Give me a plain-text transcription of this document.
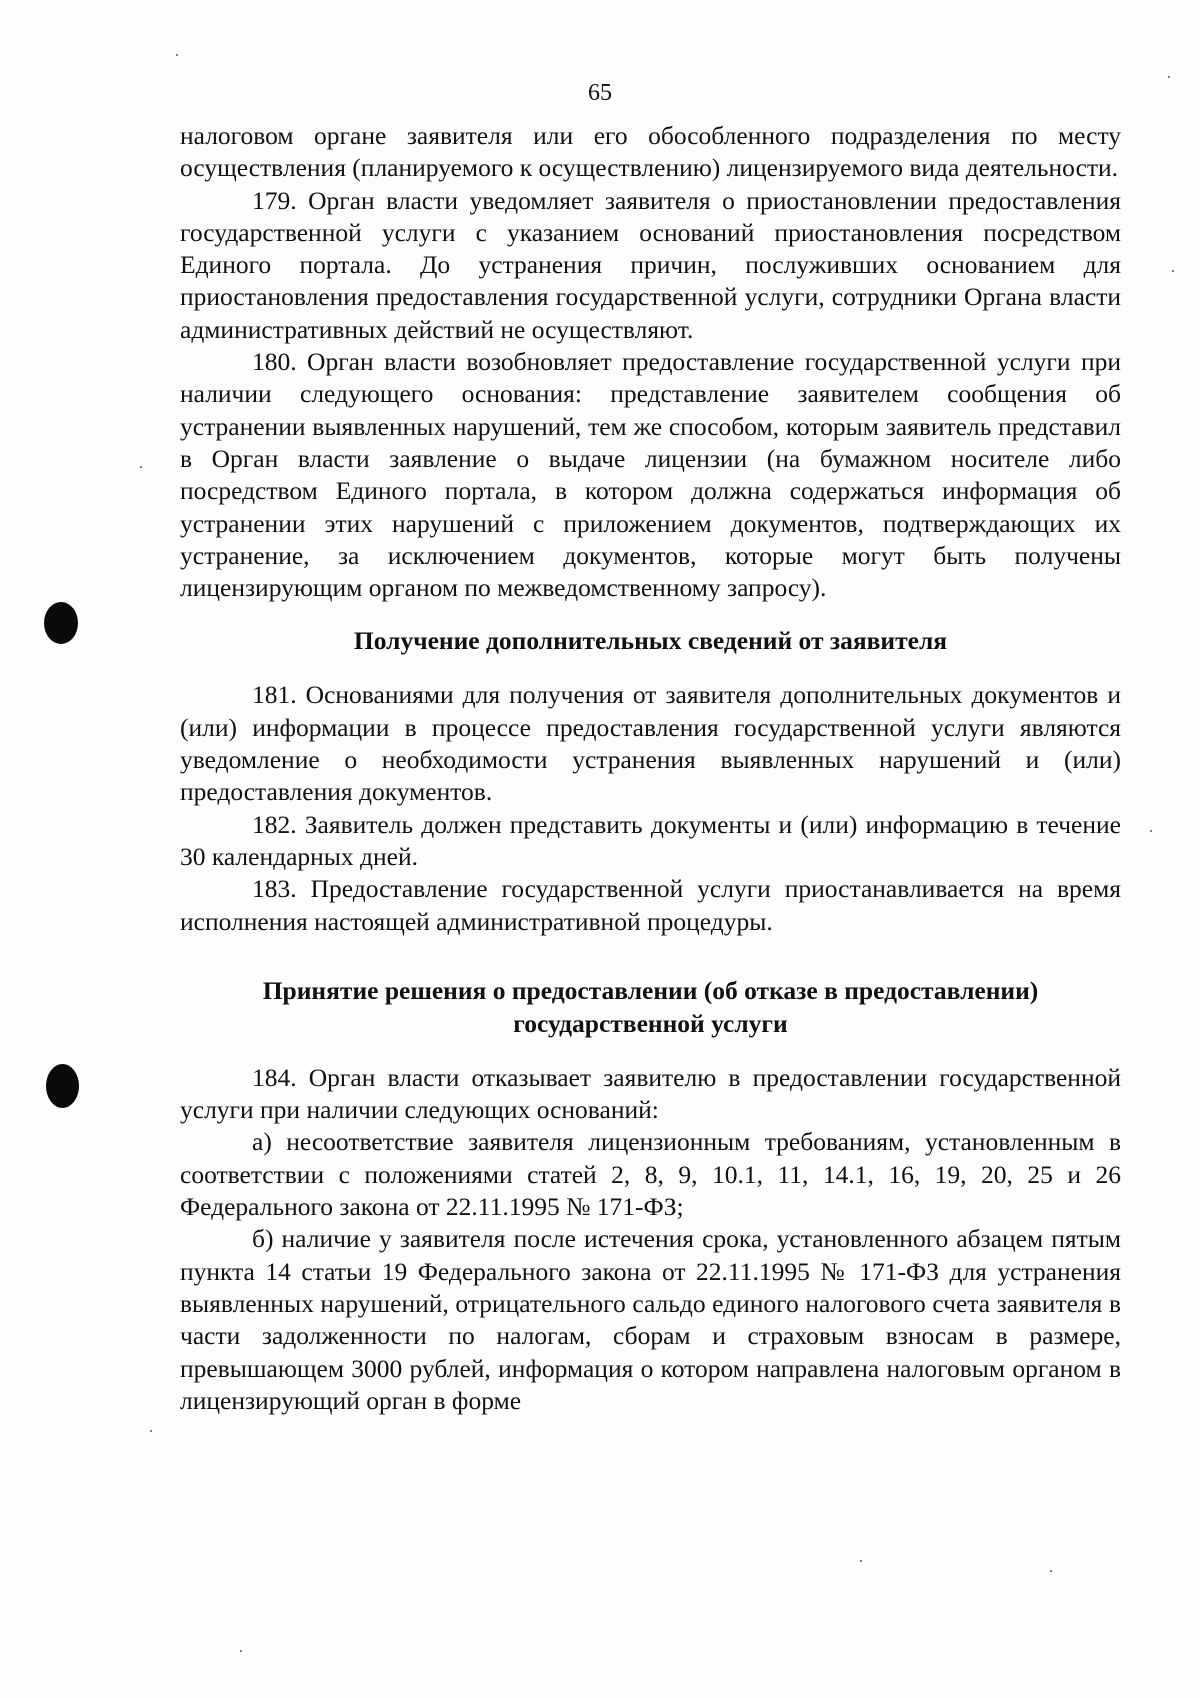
65

налоговом органе заявителя или его обособленного подразделения по месту осуществления (планируемого к осуществлению) лицензируемого вида деятельности.

179. Орган власти уведомляет заявителя о приостановлении предоставления государственной услуги с указанием оснований приостановления посредством Единого портала. До устранения причин, послуживших основанием для приостановления предоставления государственной услуги, сотрудники Органа власти административных действий не осуществляют.

180. Орган власти возобновляет предоставление государственной услуги при наличии следующего основания: представление заявителем сообщения об устранении выявленных нарушений, тем же способом, которым заявитель представил в Орган власти заявление о выдаче лицензии (на бумажном носителе либо посредством Единого портала, в котором должна содержаться информация об устранении этих нарушений с приложением документов, подтверждающих их устранение, за исключением документов, которые могут быть получены лицензирующим органом по межведомственному запросу).

Получение дополнительных сведений от заявителя

181. Основаниями для получения от заявителя дополнительных документов и (или) информации в процессе предоставления государственной услуги являются уведомление о необходимости устранения выявленных нарушений и (или) предоставления документов.

182. Заявитель должен представить документы и (или) информацию в течение 30 календарных дней.

183. Предоставление государственной услуги приостанавливается на время исполнения настоящей административной процедуры.

Принятие решения о предоставлении (об отказе в предоставлении)
государственной услуги

184. Орган власти отказывает заявителю в предоставлении государственной услуги при наличии следующих оснований:

а) несоответствие заявителя лицензионным требованиям, установленным в соответствии с положениями статей 2, 8, 9, 10.1, 11, 14.1, 16, 19, 20, 25 и 26 Федерального закона от 22.11.1995 № 171-ФЗ;

б) наличие у заявителя после истечения срока, установленного абзацем пятым пункта 14 статьи 19 Федерального закона от 22.11.1995 № 171-ФЗ для устранения выявленных нарушений, отрицательного сальдо единого налогового счета заявителя в части задолженности по налогам, сборам и страховым взносам в размере, превышающем 3000 рублей, информация о котором направлена налоговым органом в лицензирующий орган в форме
